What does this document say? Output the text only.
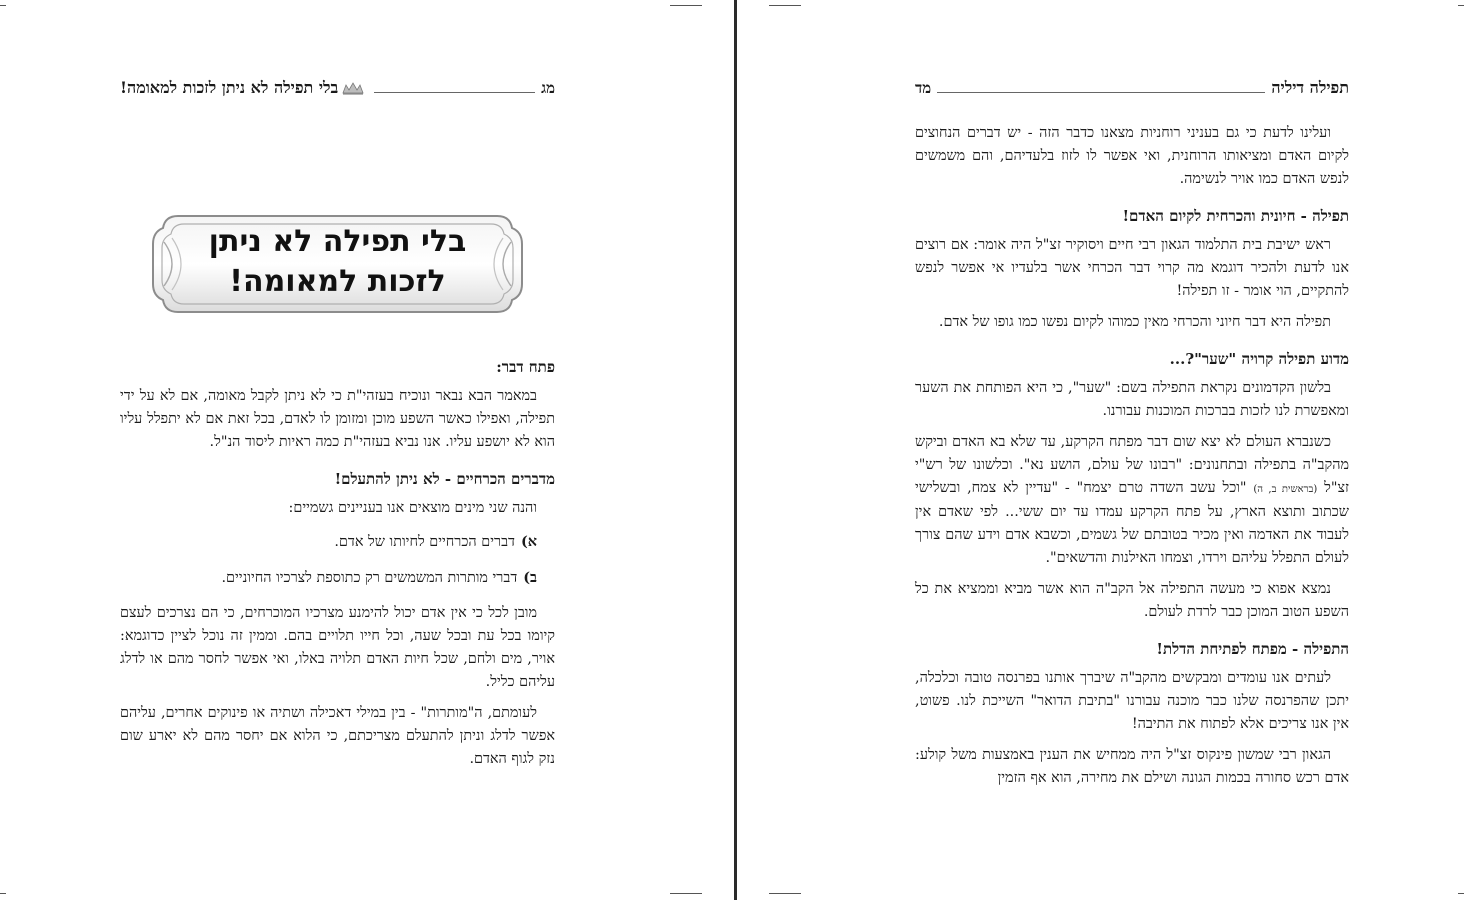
בלי תפילה לא ניתן לזכות למאומה!	מג
בלי תפילה לא ניתן
לזכות למאומה!
פתח דבר:

במאמר הבא נבאר ונוכיח בעזהי"ת כי לא ניתן לקבל מאומה, אם לא על ידי תפילה, ואפילו כאשר השפע מוכן ומזומן לו לאדם, בכל זאת אם לא יתפלל עליו הוא לא יושפע עליו. אנו נביא בעזהי"ת כמה ראיות ליסוד הנ"ל.

מדברים הכרחיים - לא ניתן להתעלם!

והנה שני מינים מוצאים אנו בעניינים גשמיים:

א)דברים הכרחיים לחיותו של אדם.
ב)דברי מותרות המשמשים רק כתוספת לצרכיו החיוניים.

מובן לכל כי אין אדם יכול להימנע מצרכיו המוכרחים, כי הם נצרכים לעצם קיומו בכל עת ובכל שעה, וכל חייו תלויים בהם. וממין זה נוכל לציין כדוגמא: אויר, מים ולחם, שכל חיות האדם תלויה באלו, ואי אפשר לחסר מהם או לדלג עליהם כליל.

לעומתם, ה"מותרות" - בין במילי דאכילה ושתיה או פינוקים אחרים, עליהם אפשר לדלג וניתן להתעלם מצריכתם, כי הלוא אם יחסר מהם לא יארע שום נזק לגוף האדם.

מד	תפילה דיליה

ועלינו לדעת כי גם בעניני רוחניות מצאנו כדבר הזה - יש דברים הנחוצים לקיום האדם ומציאותו הרוחנית, ואי אפשר לו לזוז בלעדיהם, והם משמשים לנפש האדם כמו אויר לנשימה.

תפילה - חיונית והכרחית לקיום האדם!

ראש ישיבת בית התלמוד הגאון רבי חיים ויסוקיר זצ"ל היה אומר: אם רוצים אנו לדעת ולהכיר דוגמא מה קרוי דבר הכרחי אשר בלעדיו אי אפשר לנפש להתקיים, הוי אומר - זו תפילה!

תפילה היא דבר חיוני והכרחי מאין כמוהו לקיום נפשו כמו גופו של אדם.

מדוע תפילה קרויה "שער"?...

בלשון הקדמונים נקראת התפילה בשם: "שער", כי היא הפותחת את השער ומאפשרת לנו לזכות בברכות המוכנות עבורנו.

כשנברא העולם לא יצא שום דבר מפתח הקרקע, עד שלא בא האדם וביקש מהקב"ה בתפילה ובתחנונים: "רבונו של עולם, הושע נא". וכלשונו של רש"י זצ"ל (בראשית ב, ה) "וכל עשב השדה טרם יצמח" - "עדיין לא צמח, ובשלישי שכתוב ותוצא הארץ, על פתח הקרקע עמדו עד יום ששי... לפי שאדם אין לעבוד את האדמה ואין מכיר בטובתם של גשמים, וכשבא אדם וידע שהם צורך לעולם התפלל עליהם וירדו, וצמחו האילנות והדשאים".

נמצא אפוא כי מעשה התפילה אל הקב"ה הוא אשר מביא וממציא את כל השפע הטוב המוכן כבר לרדת לעולם.

התפילה - מפתח לפתיחת הדלת!

לעתים אנו עומדים ומבקשים מהקב"ה שיברך אותנו בפרנסה טובה וכלכלה, יתכן שהפרנסה שלנו כבר מוכנה עבורנו "בתיבת הדואר" השייכת לנו. פשוט, אין אנו צריכים אלא לפתוח את התיבה!

הגאון רבי שמשון פינקוס זצ"ל היה ממחיש את הענין באמצעות משל קולע: אדם רכש סחורה בכמות הגונה ושילם את מחירה, הוא אף הזמין
